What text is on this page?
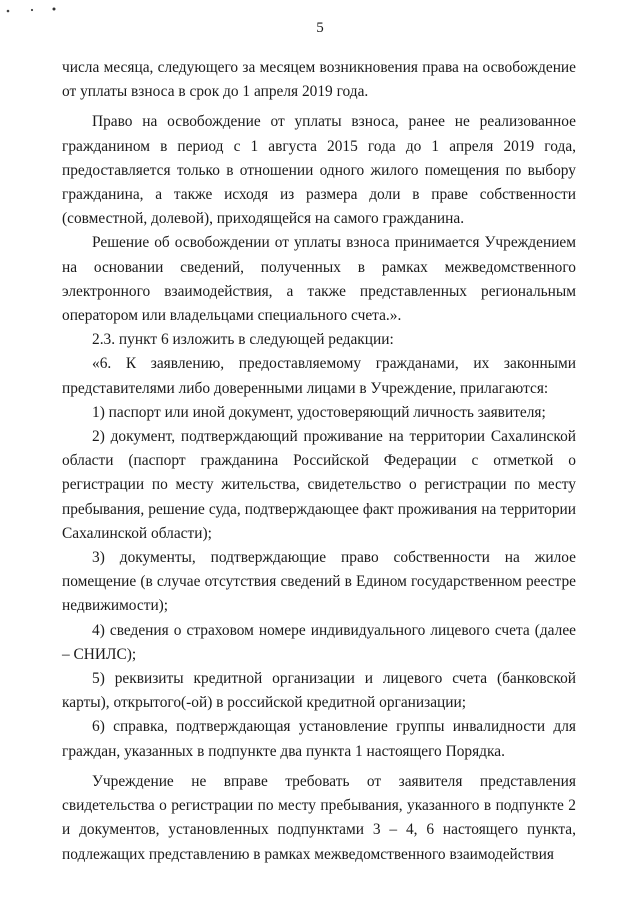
5

числа месяца, следующего за месяцем возникновения права на освобождение от уплаты взноса в срок до 1 апреля 2019 года.

Право на освобождение от уплаты взноса, ранее не реализованное гражданином в период с 1 августа 2015 года до 1 апреля 2019 года, предоставляется только в отношении одного жилого помещения по выбору гражданина, а также исходя из размера доли в праве собственности (совместной, долевой), приходящейся на самого гражданина.

Решение об освобождении от уплаты взноса принимается Учреждением на основании сведений, полученных в рамках межведомственного электронного взаимодействия, а также представленных региональным оператором или владельцами специального счета.».

2.3. пункт 6 изложить в следующей редакции:

«6. К заявлению, предоставляемому гражданами, их законными представителями либо доверенными лицами в Учреждение, прилагаются:

1) паспорт или иной документ, удостоверяющий личность заявителя;

2) документ, подтверждающий проживание на территории Сахалинской области (паспорт гражданина Российской Федерации с отметкой о регистрации по месту жительства, свидетельство о регистрации по месту пребывания, решение суда, подтверждающее факт проживания на территории Сахалинской области);

3) документы, подтверждающие право собственности на жилое помещение (в случае отсутствия сведений в Едином государственном реестре недвижимости);

4) сведения о страховом номере индивидуального лицевого счета (далее – СНИЛС);

5) реквизиты кредитной организации и лицевого счета (банковской карты), открытого(-ой) в российской кредитной организации;

6) справка, подтверждающая установление группы инвалидности для граждан, указанных в подпункте два пункта 1 настоящего Порядка.

Учреждение не вправе требовать от заявителя представления свидетельства о регистрации по месту пребывания, указанного в подпункте 2 и документов, установленных подпунктами 3 – 4, 6 настоящего пункта, подлежащих представлению в рамках межведомственного взаимодействия
